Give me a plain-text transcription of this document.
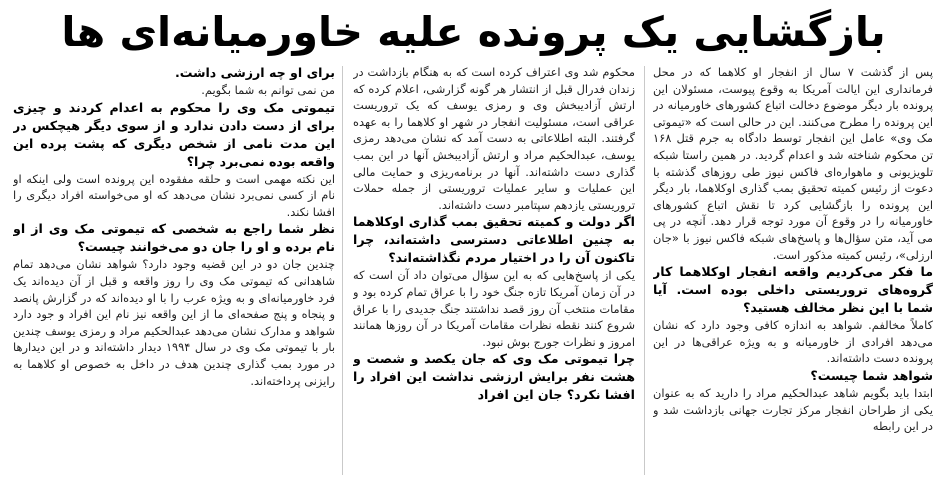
بازگشایی یک پرونده علیه خاورمیانه‌ای ها

پس از گذشت ۷ سال از انفجار او کلاهما که در محل فرمانداری این ایالت آمریکا به وقوع پیوست، مسئولان این پرونده بار دیگر موضوع دخالت اتباع کشورهای خاورمیانه در این پرونده را مطرح می‌کنند. این در حالی است که «تیموتی مک وی» عامل این انفجار توسط دادگاه به جرم قتل ۱۶۸ تن محکوم شناخته شد و اعدام گردید. در همین راستا شبکه تلویزیونی و ماهواره‌ای فاکس نیوز طی روزهای گذشته با دعوت از رئیس کمیته تحقیق بمب گذاری اوکلاهما، بار دیگر این پرونده را بازگشایی کرد تا نقش اتباع کشورهای خاورمیانه را در وقوع آن مورد توجه قرار دهد. آنچه در پی می آید، متن سؤال‌ها و پاسخ‌های شبکه فاکس نیوز با «جان ارزلی»، رئیس کمیته مذکور است.

ما فکر می‌کردیم واقعه انفجار اوکلاهما کار گروه‌های تروریستی داخلی بوده است. آیا شما با این نظر مخالف هستید؟

کاملاً مخالفم. شواهد به اندازه کافی وجود دارد که نشان می‌دهد افرادی از خاورمیانه و به ویژه عراقی‌ها در این پرونده دست داشته‌اند.

شواهد شما چیست؟

ابتدا باید بگویم شاهد عبدالحکیم مراد را دارید که به عنوان یکی از طراحان انفجار مرکز تجارت جهانی بازداشت شد و در این رابطه

محکوم شد وی اعتراف کرده است که به هنگام بازداشت در زندان فدرال قبل از انتشار هر گونه گزارشی، اعلام کرده که ارتش آزادیبخش وی و رمزی یوسف که یک تروریست عراقی است، مسئولیت انفجار در شهر او کلاهما را به عهده گرفتند. البته اطلاعاتی به دست آمد که نشان می‌دهد رمزی یوسف، عبدالحکیم مراد و ارتش آزادیبخش آنها در این بمب گذاری دست داشته‌اند. آنها در برنامه‌ریزی و حمایت مالی این عملیات و سایر عملیات تروریستی از جمله حملات تروریستی یازدهم سپتامبر دست داشته‌اند.

اگر دولت و کمیته تحقیق بمب گذاری اوکلاهما به چنین اطلاعاتی دسترسی داشته‌اند، چرا تاکنون آن را در اختیار مردم نگذاشته‌اند؟

یکی از پاسخ‌هایی که به این سؤال می‌توان داد آن است که در آن زمان آمریکا تازه جنگ خود را با عراق تمام کرده بود و مقامات منتخب آن روز قصد نداشتند جنگ جدیدی را با عراق شروع کنند نقطه نظرات مقامات آمریکا در آن روزها همانند امروز و نظرات جورج بوش نبود.

چرا تیموتی مک وی که جان یکصد و شصت و هشت نفر برایش ارزشی نداشت این افراد را افشا نکرد؟ جان این افراد

برای او چه ارزشی داشت.

من نمی توانم به شما بگویم.

تیموتی مک وی را محکوم به اعدام کردند و چیزی برای از دست دادن ندارد و از سوی دیگر هیچکس در این مدت نامی از شخص دیگری که پشت پرده این واقعه بوده نمی‌برد چرا؟

این نکته مهمی است و حلقه مفقوده این پرونده است ولی اینکه او نام از کسی نمی‌برد نشان می‌دهد که او می‌خواسته افراد دیگری را افشا نکند.

نظر شما راجع به شخصی که تیموتی مک وی از او نام برده و او را جان دو می‌خوانند چیست؟

چندین جان دو در این قضیه وجود دارد؟ شواهد نشان می‌دهد تمام شاهدانی که تیموتی مک وی را روز واقعه و قبل از آن دیده‌اند یک فرد خاورمیانه‌ای و به ویژه عرب را با او دیده‌اند که در گزارش پانصد و پنجاه و پنج صفحه‌ای ما از این واقعه نیز نام این افراد و جود دارد شواهد و مدارک نشان می‌دهد عبدالحکیم مراد و رمزی یوسف چندین بار با تیموتی مک وی در سال ۱۹۹۴ دیدار داشته‌اند و در این دیدارها در مورد بمب گذاری چندین هدف در داخل به خصوص او کلاهما به رایزنی پرداخته‌اند.
